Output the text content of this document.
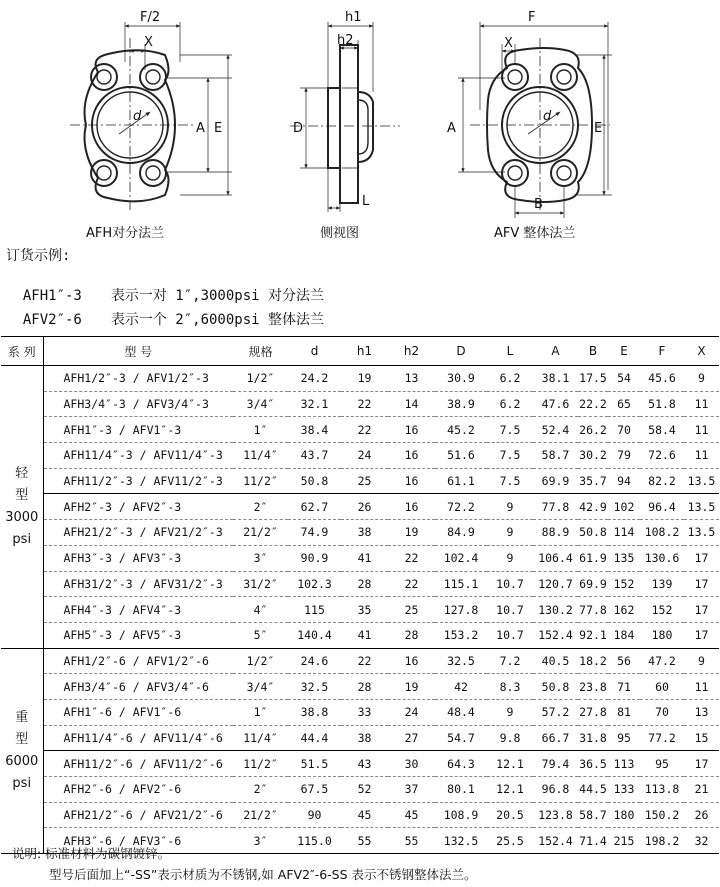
F/2
X
d
A E
h1
h2
D
L
F
X
d
A	E
B
AFH对分法兰	侧视图	AFV 整体法兰
订货示例:

AFH1″-3 表示一对 1″,3000psi 对分法兰

AFV2″-6 表示一个 2″,6000psi 整体法兰

系 列	型 号	规格	d	h1	h2	D	L	A	B	E	F	X

轻
型
3000
psi	AFH1/2″-3 / AFV1/2″-3	1/2″	24.2	19	13	30.9	6.2	38.1	17.5	54	45.6	9
	AFH3/4″-3 / AFV3/4″-3	3/4″	32.1	22	14	38.9	6.2	47.6	22.2	65	51.8	11
	AFH1″-3 / AFV1″-3	1″	38.4	22	16	45.2	7.5	52.4	26.2	70	58.4	11
	AFH11/4″-3 / AFV11/4″-3	11/4″	43.7	24	16	51.6	7.5	58.7	30.2	79	72.6	11
	AFH11/2″-3 / AFV11/2″-3	11/2″	50.8	25	16	61.1	7.5	69.9	35.7	94	82.2	13.5
	AFH2″-3 / AFV2″-3	2″	62.7	26	16	72.2	9	77.8	42.9	102	96.4	13.5
	AFH21/2″-3 / AFV21/2″-3	21/2″	74.9	38	19	84.9	9	88.9	50.8	114	108.2	13.5
	AFH3″-3 / AFV3″-3	3″	90.9	41	22	102.4	9	106.4	61.9	135	130.6	17
	AFH31/2″-3 / AFV31/2″-3	31/2″	102.3	28	22	115.1	10.7	120.7	69.9	152	139	17
	AFH4″-3 / AFV4″-3	4″	115	35	25	127.8	10.7	130.2	77.8	162	152	17
	AFH5″-3 / AFV5″-3	5″	140.4	41	28	153.2	10.7	152.4	92.1	184	180	17

重
型
6000
psi	AFH1/2″-6 / AFV1/2″-6	1/2″	24.6	22	16	32.5	7.2	40.5	18.2	56	47.2	9
	AFH3/4″-6 / AFV3/4″-6	3/4″	32.5	28	19	42	8.3	50.8	23.8	71	60	11
	AFH1″-6 / AFV1″-6	1″	38.8	33	24	48.4	9	57.2	27.8	81	70	13
	AFH11/4″-6 / AFV11/4″-6	11/4″	44.4	38	27	54.7	9.8	66.7	31.8	95	77.2	15
	AFH11/2″-6 / AFV11/2″-6	11/2″	51.5	43	30	64.3	12.1	79.4	36.5	113	95	17
	AFH2″-6 / AFV2″-6	2″	67.5	52	37	80.1	12.1	96.8	44.5	133	113.8	21
	AFH21/2″-6 / AFV21/2″-6	21/2″	90	45	45	108.9	20.5	123.8	58.7	180	150.2	26
	AFH3″-6 / AFV3″-6	3″	115.0	55	55	132.5	25.5	152.4	71.4	215	198.2	32
说明: 标准材料为碳钢镀锌。
型号后面加上“-SS”表示材质为不锈钢,如 AFV2″-6-SS 表示不锈钢整体法兰。
